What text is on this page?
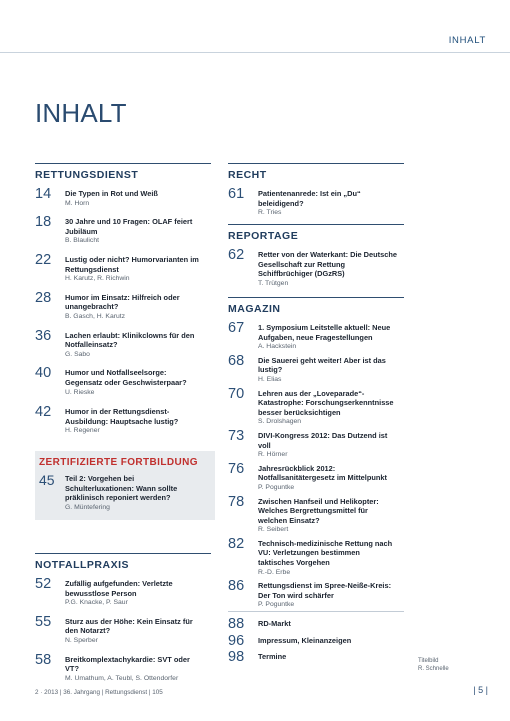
INHALT
INHALT
RETTUNGSDIENST
14 Die Typen in Rot und Weiß
M. Horn
18 30 Jahre und 10 Fragen: OLAF feiert Jubiläum
B. Blaulicht
22 Lustig oder nicht? Humorvarianten im Rettungsdienst
H. Karutz, R. Richwin
28 Humor im Einsatz: Hilfreich oder unangebracht?
B. Gasch, H. Karutz
36 Lachen erlaubt: Klinikclowns für den Notfalleinsatz?
G. Sabo
40 Humor und Notfallseelsorge: Gegensatz oder Geschwisterpaar?
U. Rieske
42 Humor in der Rettungsdienst-Ausbildung: Hauptsache lustig?
H. Regener
ZERTIFIZIERTE FORTBILDUNG
45 Teil 2: Vorgehen bei Schulterluxationen: Wann sollte präklinisch reponiert werden?
G. Müntefering
NOTFALLPRAXIS
52 Zufällig aufgefunden: Verletzte bewusstlose Person
P.G. Knacke, P. Saur
55 Sturz aus der Höhe: Kein Einsatz für den Notarzt?
N. Sperber
58 Breitkomplextachykardie: SVT oder VT?
M. Umathum, A. Teubl, S. Ottendorfer
RECHT
61 Patientenanrede: Ist ein „Du“ beleidigend?
R. Tries
REPORTAGE
62 Retter von der Waterkant: Die Deutsche Gesellschaft zur Rettung Schiffbrüchiger (DGzRS)
T. Trütgen
MAGAZIN
67 1. Symposium Leitstelle aktuell: Neue Aufgaben, neue Fragestellungen
A. Hackstein
68 Die Sauerei geht weiter! Aber ist das lustig?
H. Elias
70 Lehren aus der „Loveparade“-Katastrophe: Forschungserkenntnisse besser berücksichtigen
S. Drolshagen
73 DIVI-Kongress 2012: Das Dutzend ist voll
R. Hörner
76 Jahresrückblick 2012: Notfallsanitätergesetz im Mittelpunkt
P. Poguntke
78 Zwischen Hanfseil und Helikopter: Welches Bergrettungsmittel für welchen Einsatz?
R. Seibert
82 Technisch-medizinische Rettung nach VU: Verletzungen bestimmen taktisches Vorgehen
R.-D. Erbe
86 Rettungsdienst im Spree-Neiße-Kreis: Der Ton wird schärfer
P. Poguntke
88 RD-Markt
96 Impressum, Kleinanzeigen
98 Termine	Titelbild
R. Schnelle
2 · 2013 | 36. Jahrgang | Rettungsdienst | 105	| 5 |
